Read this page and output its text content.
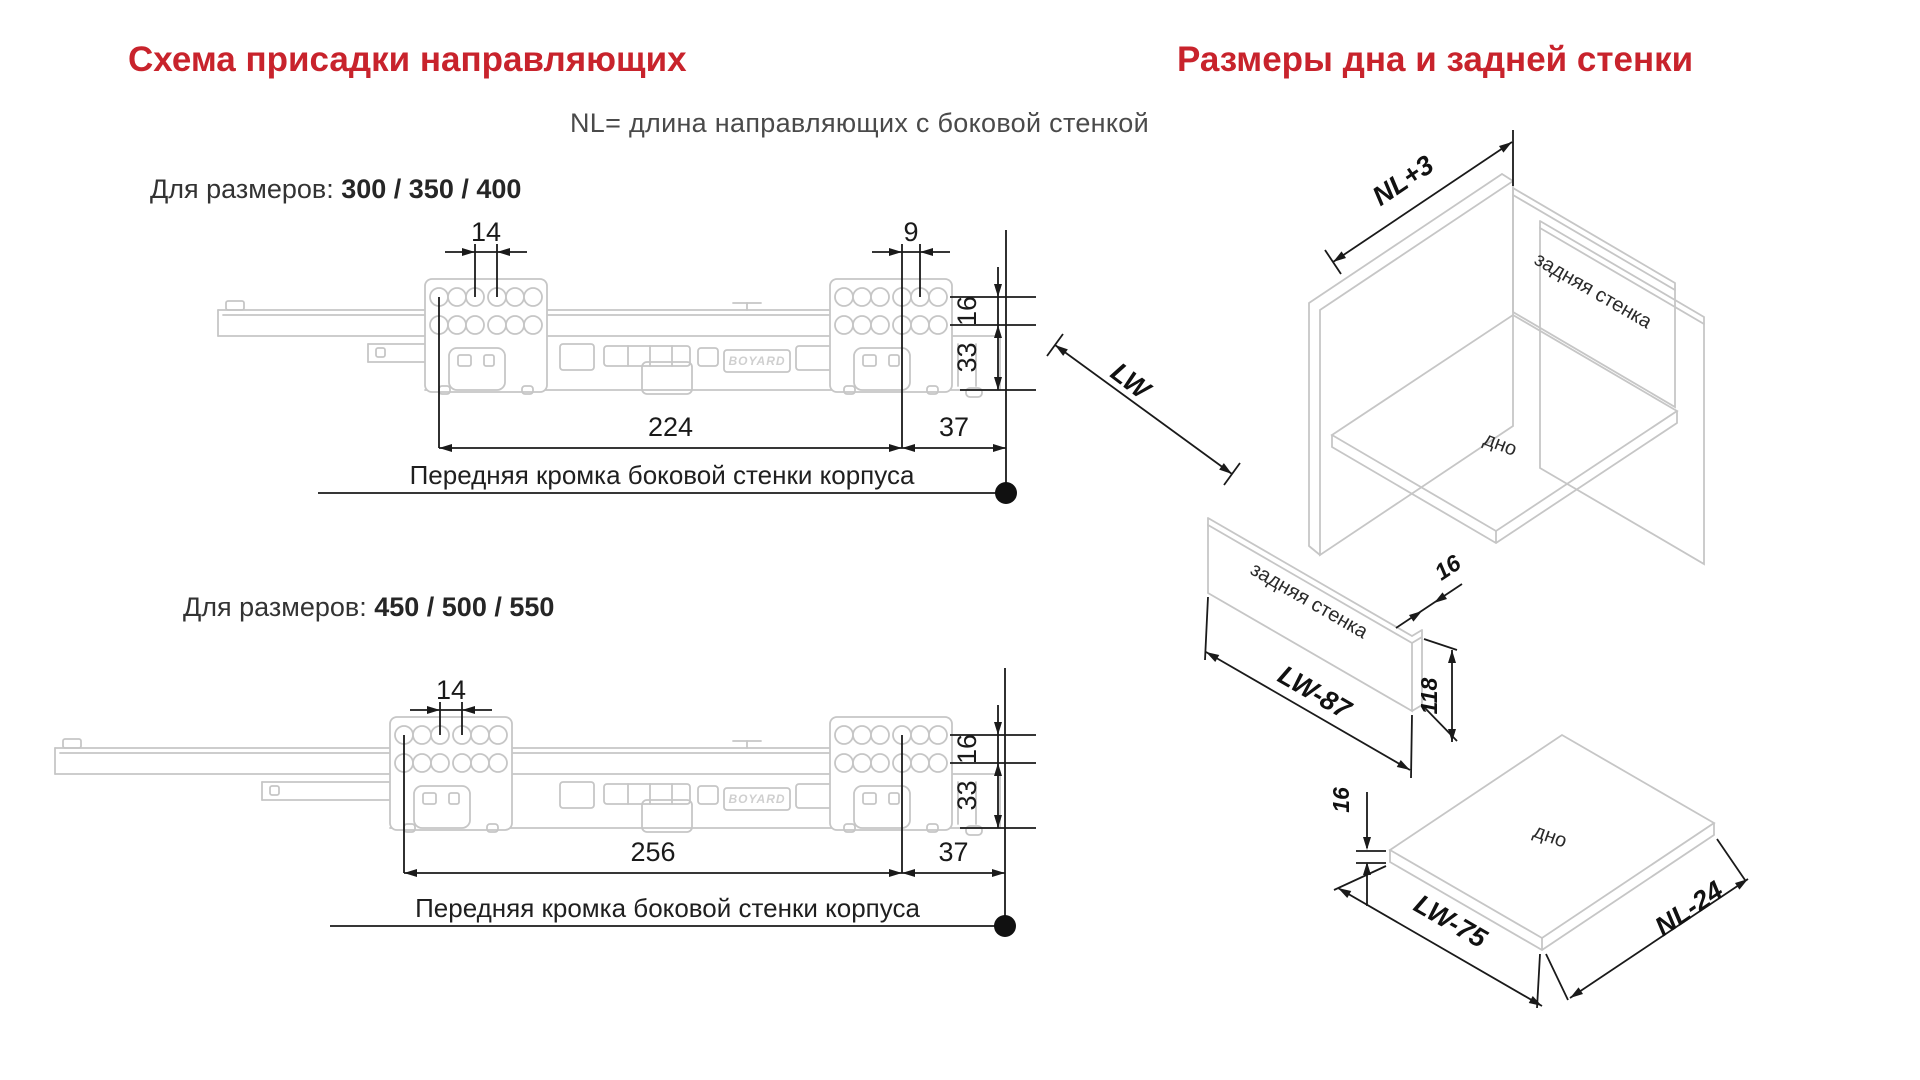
Схема присадки направляющих	Размеры дна и задней стенки
NL= длина направляющих с боковой стенкой
Для размеров: 300 / 350 / 400
Для размеров: 450 / 500 / 550
BOYARD
14	9
16
33
224	37
Передняя кромка боковой стенки корпуса
BOYARD
14
16
33
256	37
Передняя кромка боковой стенки корпуса
NL+3
LW
задняя стенка
дно
задняя стенка
LW-87	118
16
дно
16
LW-75	NL-24
